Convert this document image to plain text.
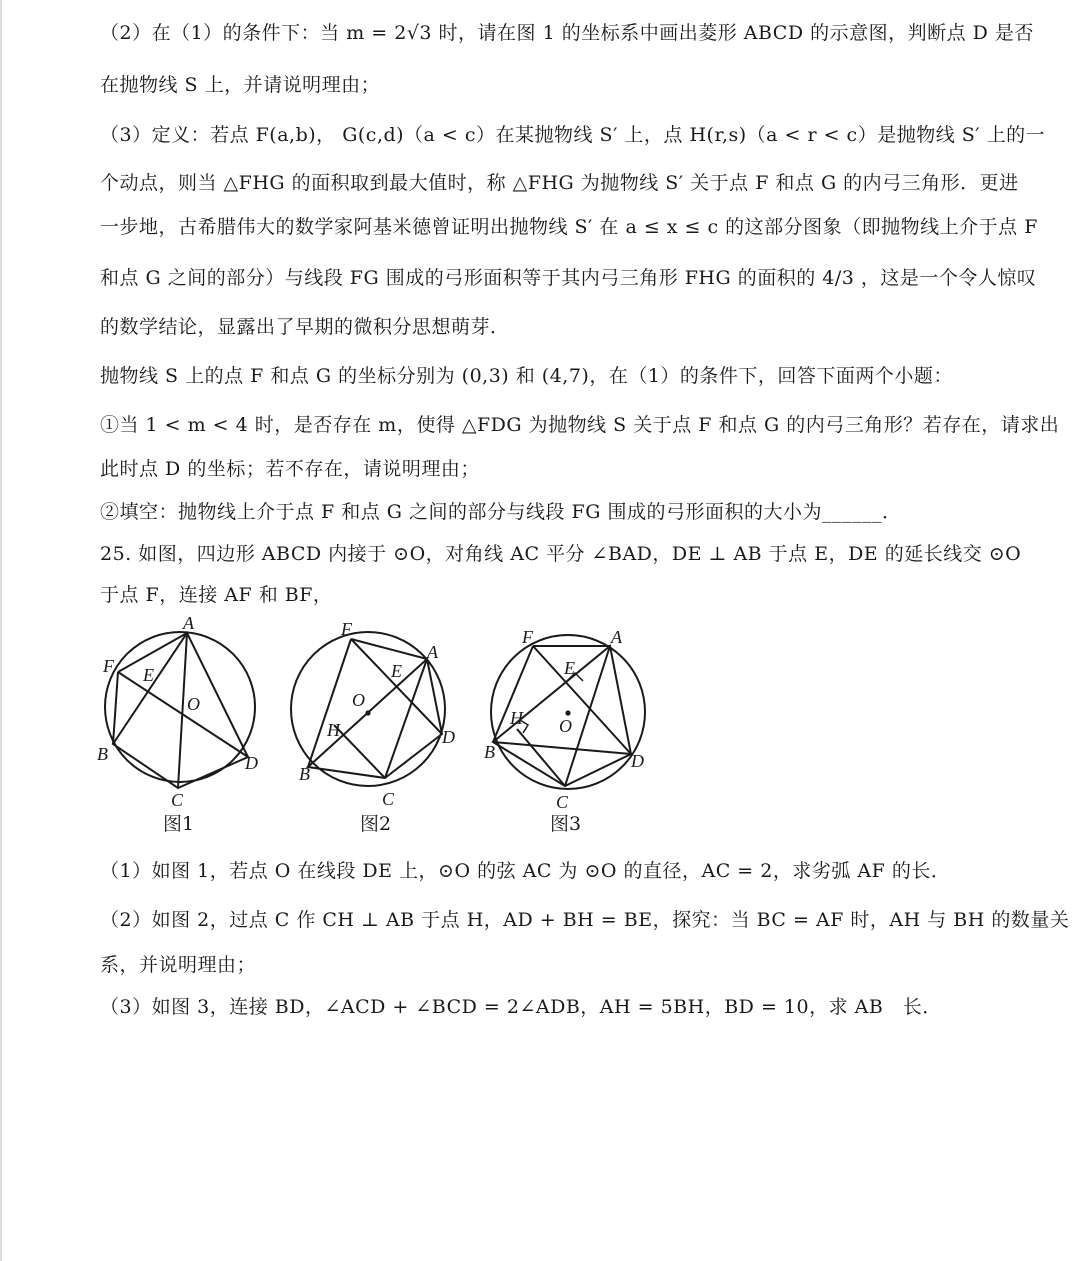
（2）在（1）的条件下：当 m = 2√3 时，请在图 1 的坐标系中画出菱形 ABCD 的示意图，判断点 D 是否
在抛物线 S 上，并请说明理由；
（3）定义：若点 F(a,b)， G(c,d)（a < c）在某抛物线 S′ 上，点 H(r,s)（a < r < c）是抛物线 S′ 上的一
个动点，则当 △FHG 的面积取到最大值时，称 △FHG 为抛物线 S′ 关于点 F 和点 G 的内弓三角形．更进
一步地，古希腊伟大的数学家阿基米德曾证明出抛物线 S′ 在 a ≤ x ≤ c 的这部分图象（即抛物线上介于点 F
和点 G 之间的部分）与线段 FG 围成的弓形面积等于其内弓三角形 FHG 的面积的 4/3 ，这是一个令人惊叹
的数学结论，显露出了早期的微积分思想萌芽．
抛物线 S 上的点 F 和点 G 的坐标分别为 (0,3) 和 (4,7)，在（1）的条件下，回答下面两个小题：
①当 1 < m < 4 时，是否存在 m，使得 △FDG 为抛物线 S 关于点 F 和点 G 的内弓三角形？若存在，请求出
此时点 D 的坐标；若不存在，请说明理由；
②填空：抛物线上介于点 F 和点 G 之间的部分与线段 FG 围成的弓形面积的大小为______．
25. 如图，四边形 ABCD 内接于 ⊙O，对角线 AC 平分 ∠BAD，DE ⊥ AB 于点 E，DE 的延长线交 ⊙O
于点 F，连接 AF 和 BF，
A
F E
O
B	D
C
F
A
E
O
H	D
B
C
F	A
E
O
H
B	D
C
图1	图2	图3
（1）如图 1，若点 O 在线段 DE 上，⊙O 的弦 AC 为 ⊙O 的直径，AC = 2，求劣弧 AF 的长．
（2）如图 2，过点 C 作 CH ⊥ AB 于点 H，AD + BH = BE，探究：当 BC = AF 时，AH 与 BH 的数量关
系，并说明理由；
（3）如图 3，连接 BD，∠ACD + ∠BCD = 2∠ADB，AH = 5BH，BD = 10，求 AB　长．
